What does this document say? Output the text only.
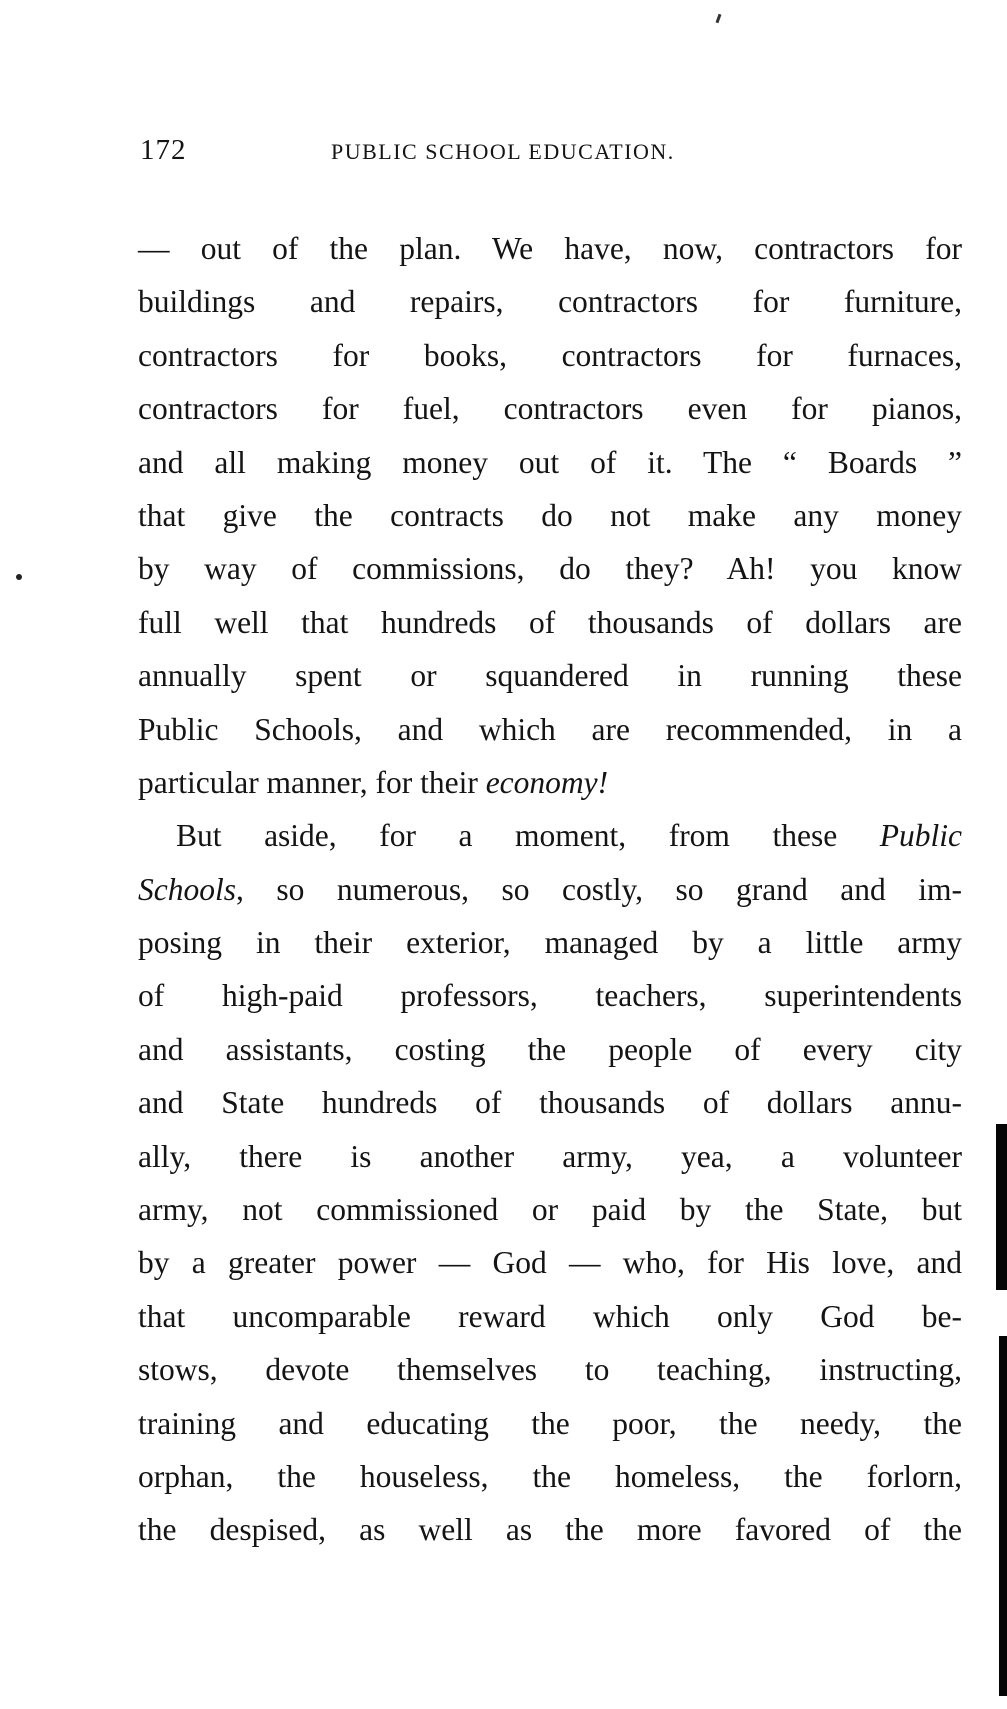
172	PUBLIC SCHOOL EDUCATION.
— out of the plan. We have, now, contractors for
buildings and repairs, contractors for furniture,
contractors for books, contractors for furnaces,
contractors for fuel, contractors even for pianos,
and all making money out of it. The “ Boards ”
that give the contracts do not make any money
by way of commissions, do they? Ah! you know
full well that hundreds of thousands of dollars are
annually spent or squandered in running these
Public Schools, and which are recommended, in a
particular manner, for their economy!
But aside, for a moment, from these Public
Schools, so numerous, so costly, so grand and im-
posing in their exterior, managed by a little army
of high-paid professors, teachers, superintendents
and assistants, costing the people of every city
and State hundreds of thousands of dollars annu-
ally, there is another army, yea, a volunteer
army, not commissioned or paid by the State, but
by a greater power — God — who, for His love, and
that uncomparable reward which only God be-
stows, devote themselves to teaching, instructing,
training and educating the poor, the needy, the
orphan, the houseless, the homeless, the forlorn,
the despised, as well as the more favored of the
